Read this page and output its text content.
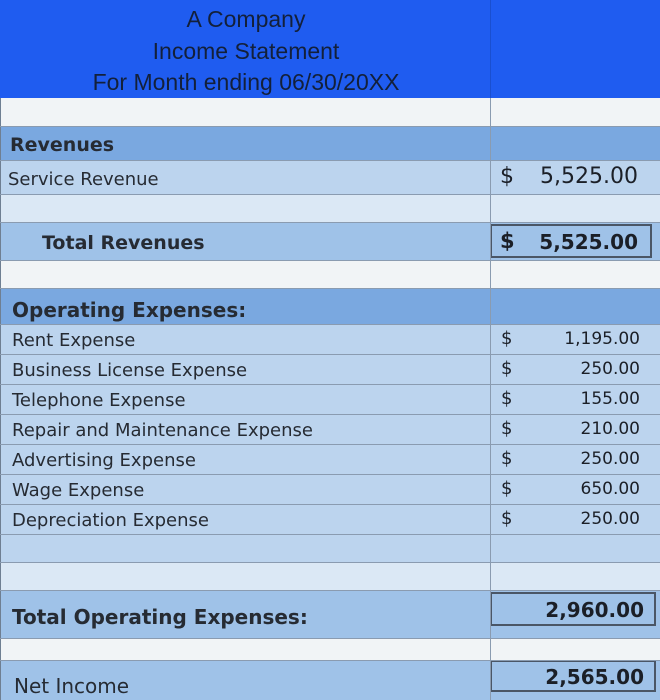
A Company
Income Statement
For Month ending 06/30/20XX
Revenues
Service Revenue	$ 5,525.00
Total Revenues	$ 5,525.00
Operating Expenses:
Rent Expense	$	1,195.00
Business License Expense	$	250.00
Telephone Expense	$	155.00
Repair and Maintenance Expense	$	210.00
Advertising Expense	$	250.00
Wage Expense	$	650.00
Depreciation Expense	$	250.00
Total Operating Expenses:	2,960.00
Net Income	2,565.00
